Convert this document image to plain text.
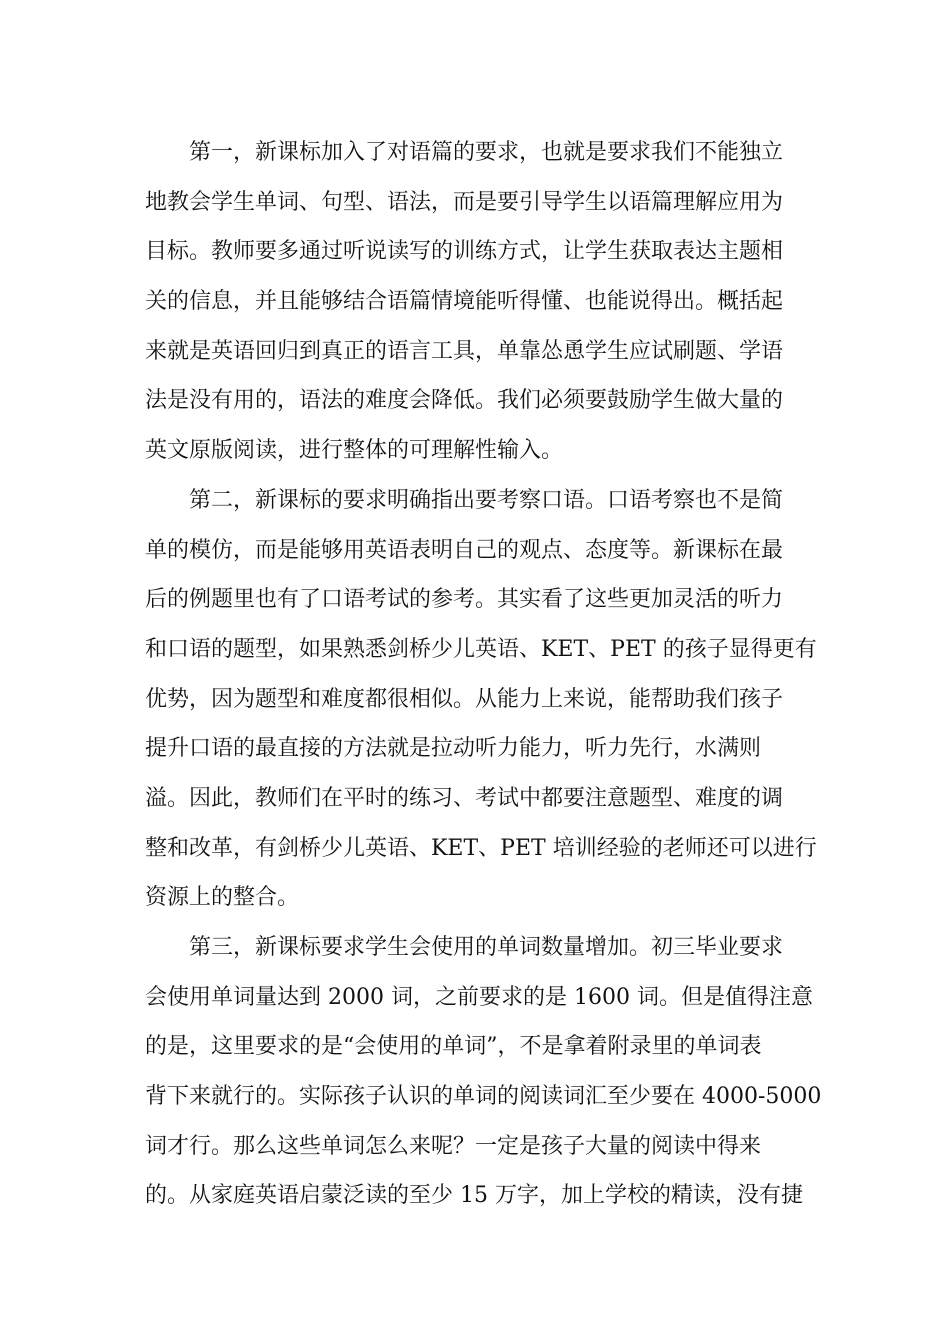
第一，新课标加入了对语篇的要求，也就是要求我们不能独立
地教会学生单词、句型、语法，而是要引导学生以语篇理解应用为
目标。教师要多通过听说读写的训练方式，让学生获取表达主题相
关的信息，并且能够结合语篇情境能听得懂、也能说得出。概括起
来就是英语回归到真正的语言工具，单靠怂恿学生应试刷题、学语
法是没有用的，语法的难度会降低。我们必须要鼓励学生做大量的
英文原版阅读，进行整体的可理解性输入。
第二，新课标的要求明确指出要考察口语。口语考察也不是简
单的模仿，而是能够用英语表明自己的观点、态度等。新课标在最
后的例题里也有了口语考试的参考。其实看了这些更加灵活的听力
和口语的题型，如果熟悉剑桥少儿英语、KET、PET 的孩子显得更有
优势，因为题型和难度都很相似。从能力上来说，能帮助我们孩子
提升口语的最直接的方法就是拉动听力能力，听力先行，水满则
溢。因此，教师们在平时的练习、考试中都要注意题型、难度的调
整和改革，有剑桥少儿英语、KET、PET 培训经验的老师还可以进行
资源上的整合。
第三，新课标要求学生会使用的单词数量增加。初三毕业要求
会使用单词量达到 2000 词，之前要求的是 1600 词。但是值得注意
的是，这里要求的是“会使用的单词”，不是拿着附录里的单词表
背下来就行的。实际孩子认识的单词的阅读词汇至少要在 4000-5000
词才行。那么这些单词怎么来呢？一定是孩子大量的阅读中得来
的。从家庭英语启蒙泛读的至少 15 万字，加上学校的精读，没有捷
